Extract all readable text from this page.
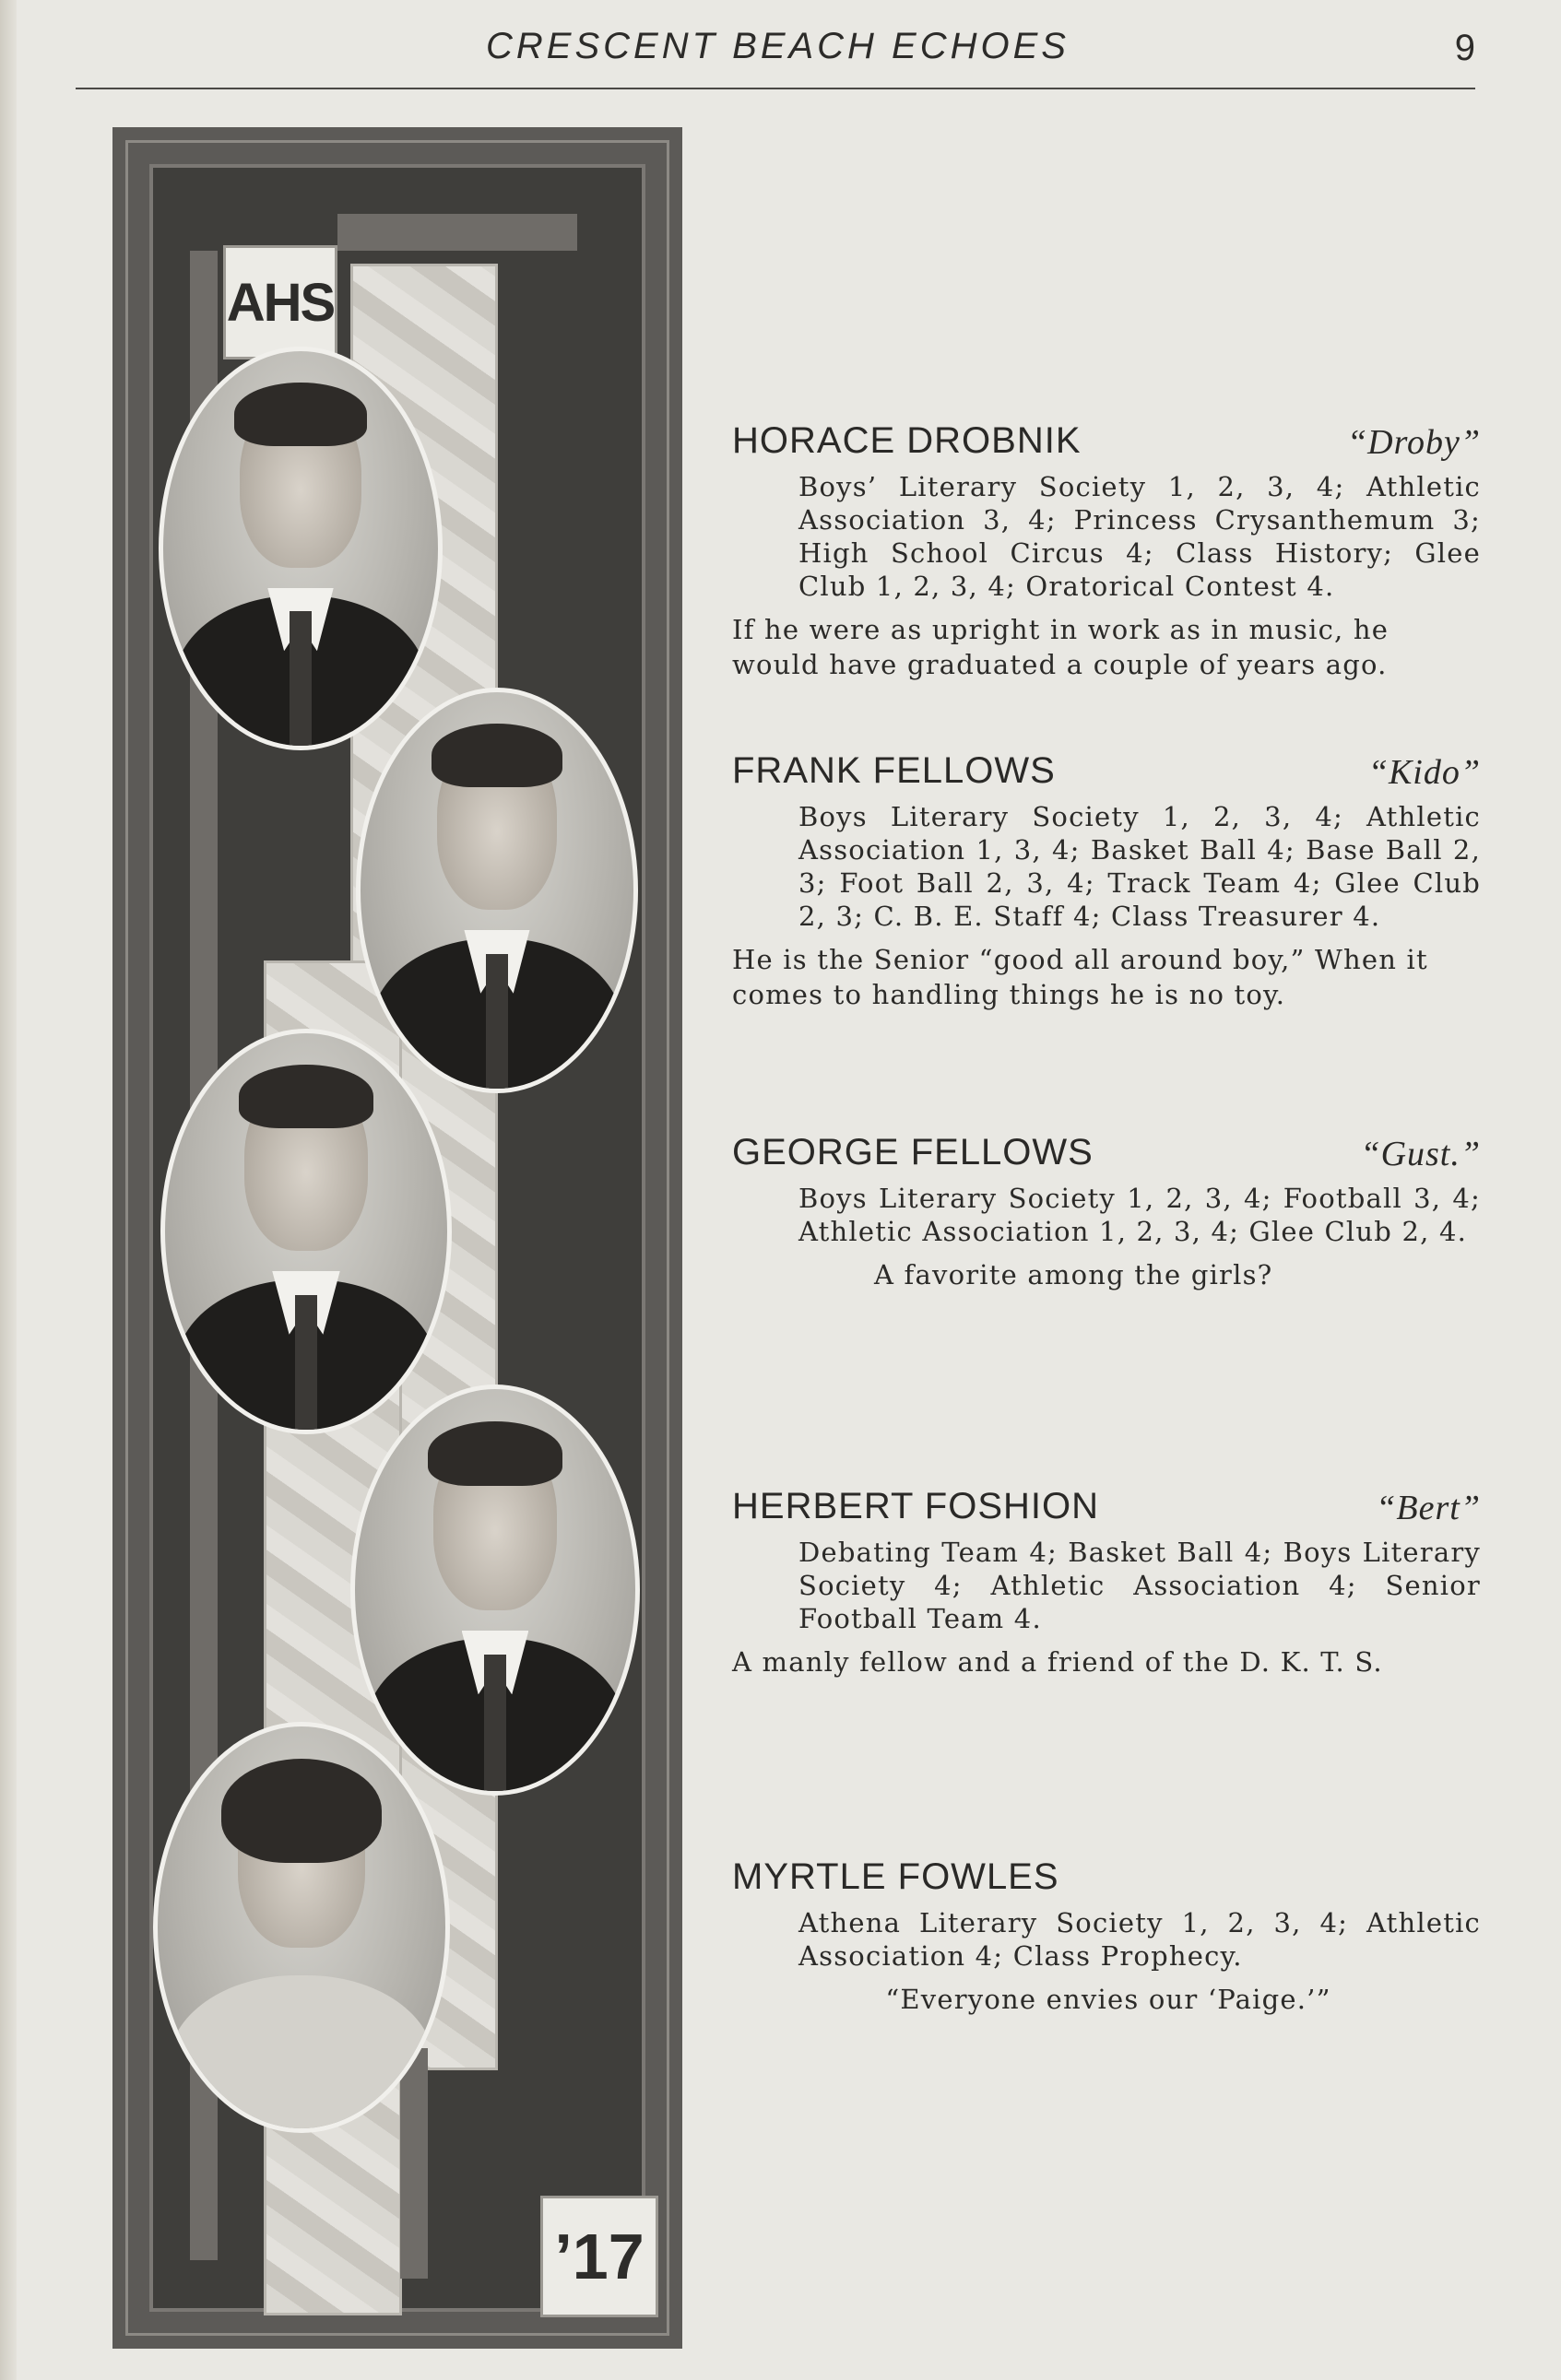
CRESCENT BEACH ECHOES	9
AHS
’17
HORACE DROBNIK	“Droby”

Boys’ Literary Society 1, 2, 3, 4; Athletic Association 3, 4; Princess Crysanthemum 3; High School Circus 4; Class History; Glee Club 1, 2, 3, 4; Oratorical Contest 4.

If he were as upright in work as in music, he would have graduated a couple of years ago.

FRANK FELLOWS	“Kido”

Boys Literary Society 1, 2, 3, 4; Athletic Association 1, 3, 4; Basket Ball 4; Base Ball 2, 3; Foot Ball 2, 3, 4; Track Team 4; Glee Club 2, 3; C. B. E. Staff 4; Class Treasurer 4.

He is the Senior “good all around boy,” When it comes to handling things he is no toy.

GEORGE FELLOWS	“Gust.”

Boys Literary Society 1, 2, 3, 4; Football 3, 4; Athletic Association 1, 2, 3, 4; Glee Club 2, 4.

A favorite among the girls?

HERBERT FOSHION	“Bert”

Debating Team 4; Basket Ball 4; Boys Literary Society 4; Athletic Association 4; Senior Football Team 4.

A manly fellow and a friend of the D. K. T. S.

MYRTLE FOWLES

Athena Literary Society 1, 2, 3, 4; Athletic Association 4; Class Prophecy.

“Everyone envies our ‘Paige.’”
